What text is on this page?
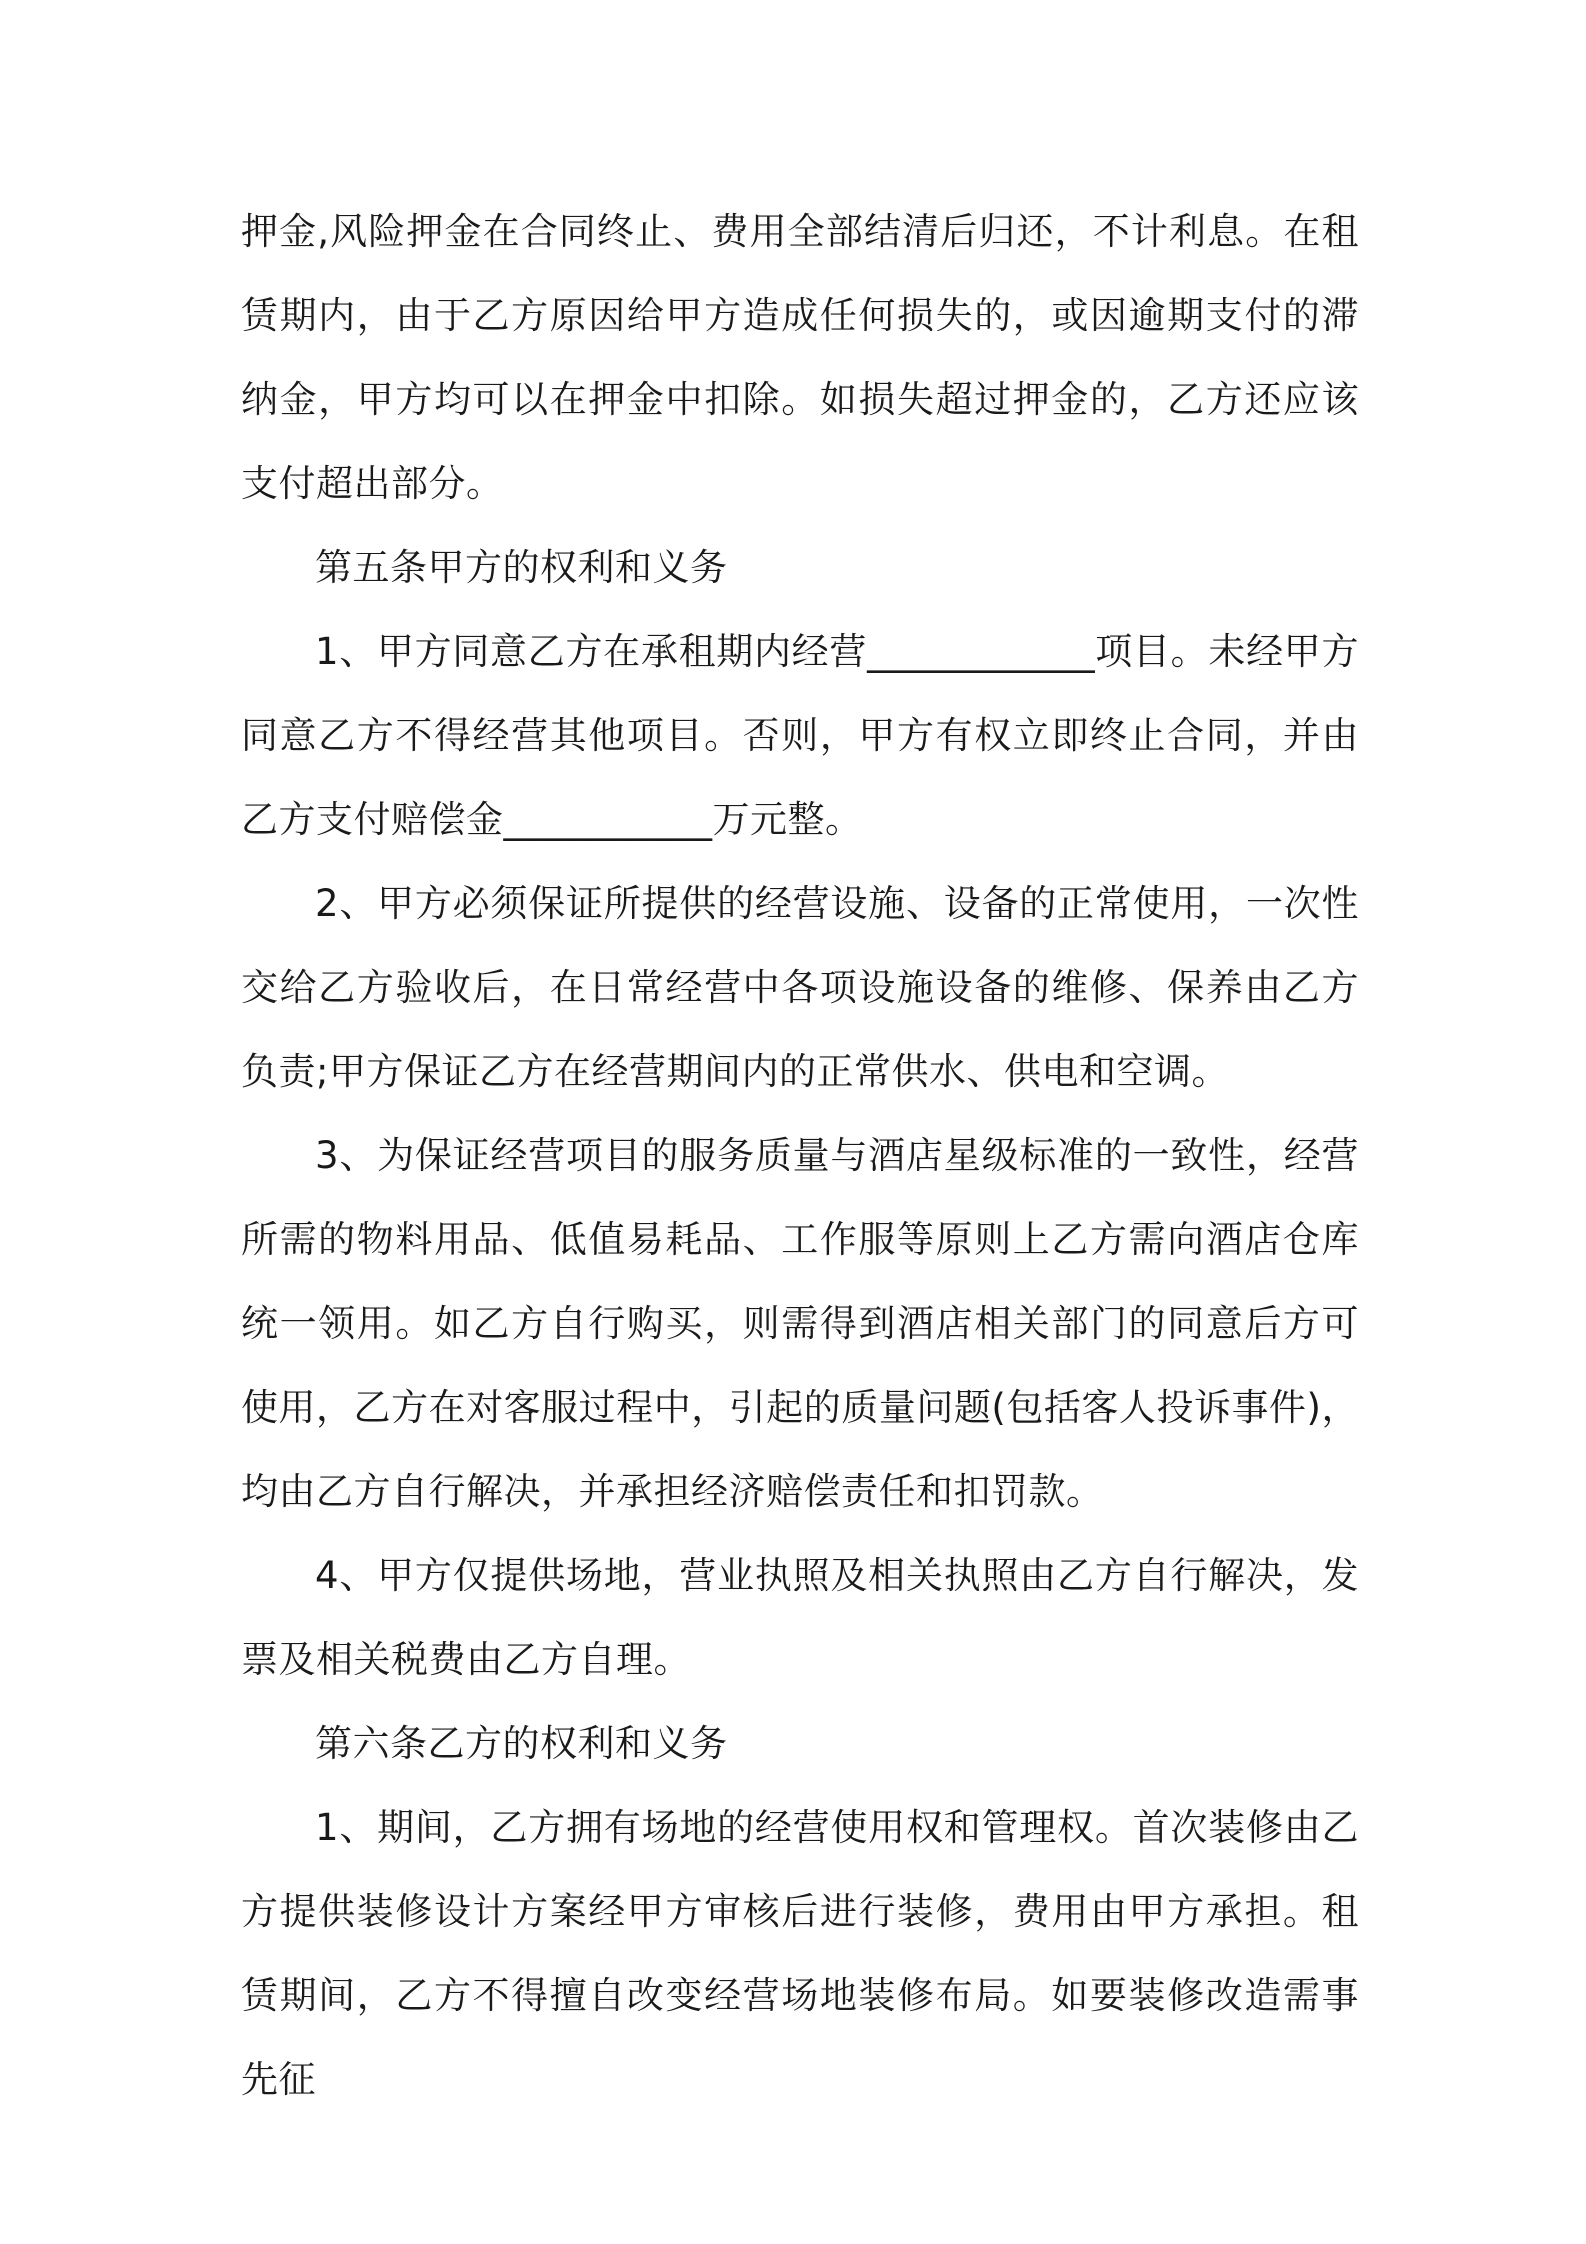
押金,风险押金在合同终止、费用全部结清后归还，不计利息。在租赁期内，由于乙方原因给甲方造成任何损失的，或因逾期支付的滞纳金，甲方均可以在押金中扣除。如损失超过押金的，乙方还应该支付超出部分。

第五条甲方的权利和义务

1、甲方同意乙方在承租期内经营____________项目。未经甲方同意乙方不得经营其他项目。否则，甲方有权立即终止合同，并由乙方支付赔偿金___________万元整。

2、甲方必须保证所提供的经营设施、设备的正常使用，一次性交给乙方验收后，在日常经营中各项设施设备的维修、保养由乙方负责;甲方保证乙方在经营期间内的正常供水、供电和空调。

3、为保证经营项目的服务质量与酒店星级标准的一致性，经营所需的物料用品、低值易耗品、工作服等原则上乙方需向酒店仓库统一领用。如乙方自行购买，则需得到酒店相关部门的同意后方可使用，乙方在对客服过程中，引起的质量问题(包括客人投诉事件)，均由乙方自行解决，并承担经济赔偿责任和扣罚款。

4、甲方仅提供场地，营业执照及相关执照由乙方自行解决，发票及相关税费由乙方自理。

第六条乙方的权利和义务

1、期间，乙方拥有场地的经营使用权和管理权。首次装修由乙方提供装修设计方案经甲方审核后进行装修，费用由甲方承担。租赁期间，乙方不得擅自改变经营场地装修布局。如要装修改造需事先征
